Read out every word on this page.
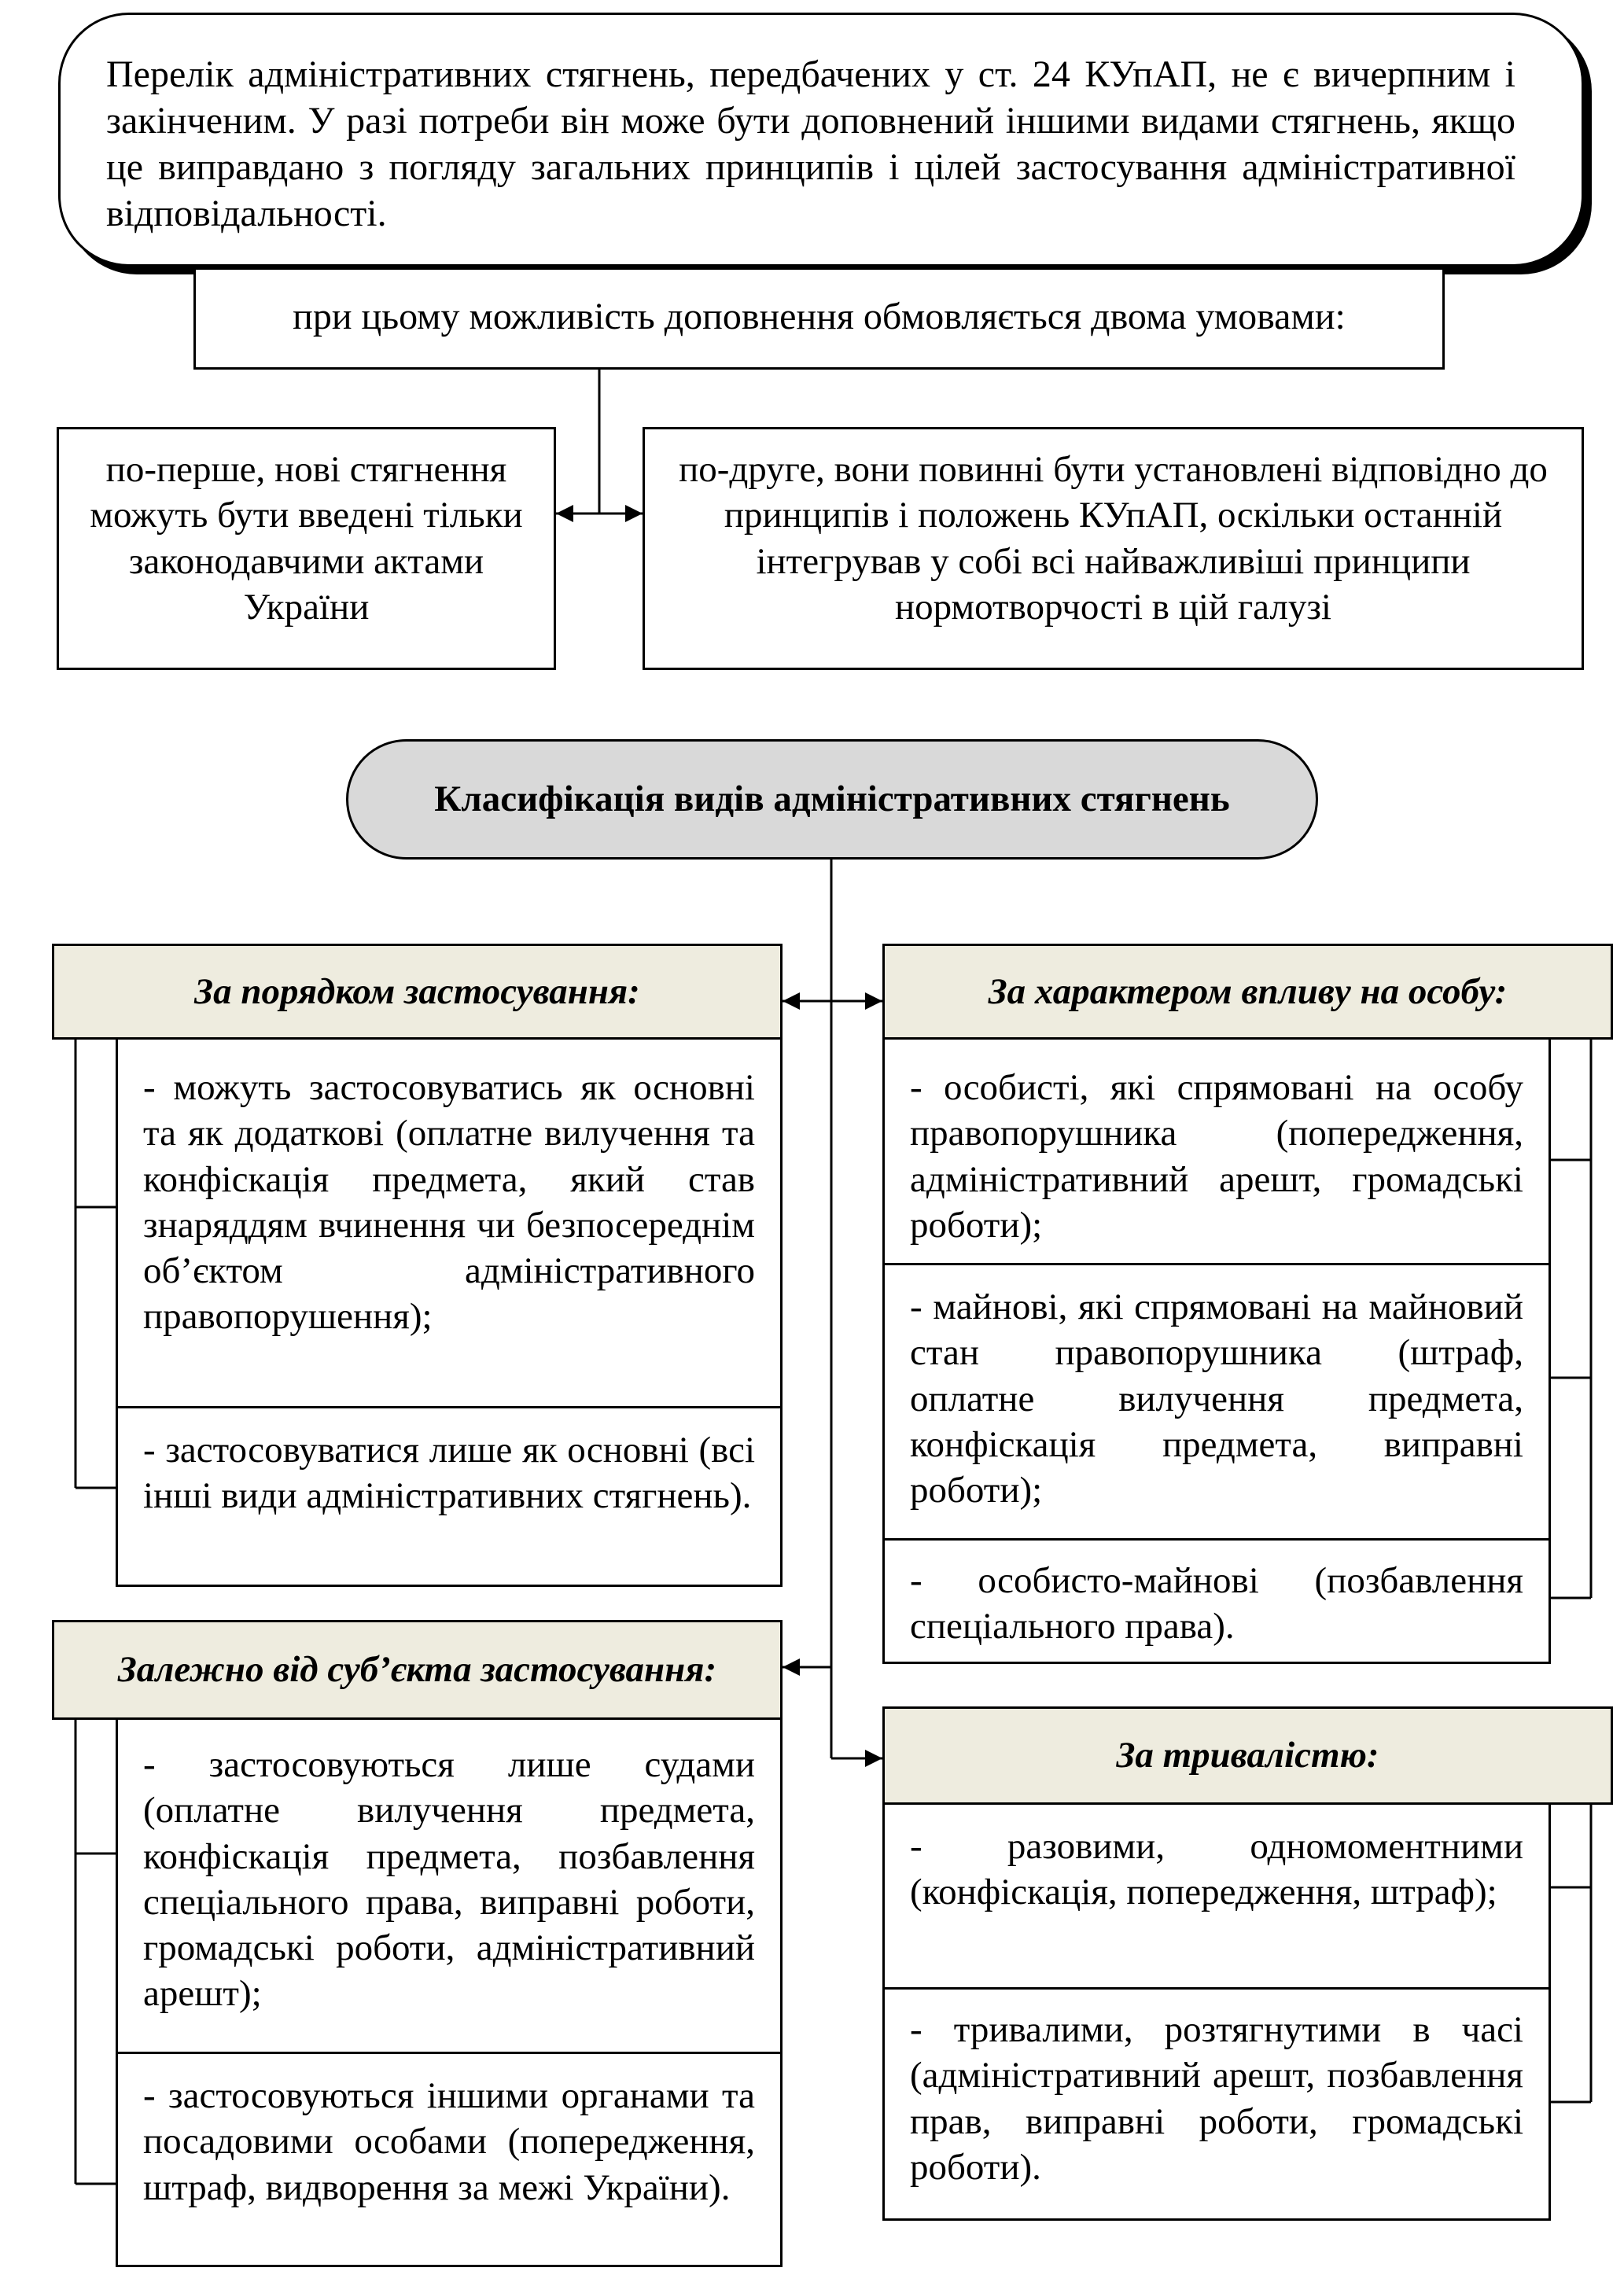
Перелік адміністративних стягнень, передбачених у ст. 24 КУпАП, не є вичерпним і закінченим. У разі потреби він може бути доповнений іншими видами стягнень, якщо це виправдано з погляду загальних принципів і цілей застосування адміністративної відповідальності.
при цьому можливість доповнення обмовляється двома умовами:
по-перше, нові стягнення можуть бути введені тільки законодавчими актами України
по-друге, вони повинні бути установлені відповідно до принципів і положень КУпАП, оскільки останній інтегрував у собі всі найважливіші принципи нормотворчості в цій галузі
Класифікація видів адміністративних стягнень
За порядком застосування:
- можуть застосовуватись як основні та як додаткові (оплатне вилучення та конфіскація предмета, який став знаряддям вчинення чи безпосереднім об’єктом адміністративного правопорушення);
- застосовуватися лише як основні (всі інші види адміністративних стягнень).
Залежно від суб’єкта застосування:
- застосовуються лише судами (оплатне вилучення предмета, конфіскація предмета, позбавлення спеціального права, виправні роботи, громадські роботи, адміністративний арешт);
- застосовуються іншими органами та посадовими особами (попередження, штраф, видворення за межі України).
За характером впливу на особу:
- особисті, які спрямовані на особу правопорушника (попередження, адміністративний арешт, громадські роботи);
- майнові, які спрямовані на майновий стан правопорушника (штраф, оплатне вилучення предмета, конфіскація предмета, виправні роботи);
- особисто-майнові (позбавлення спеціального права).
За тривалістю:
- разовими, одномоментними (конфіскація, попередження, штраф);
- тривалими, розтягнутими в часі (адміністративний арешт, позбавлення прав, виправні роботи, громадські роботи).
